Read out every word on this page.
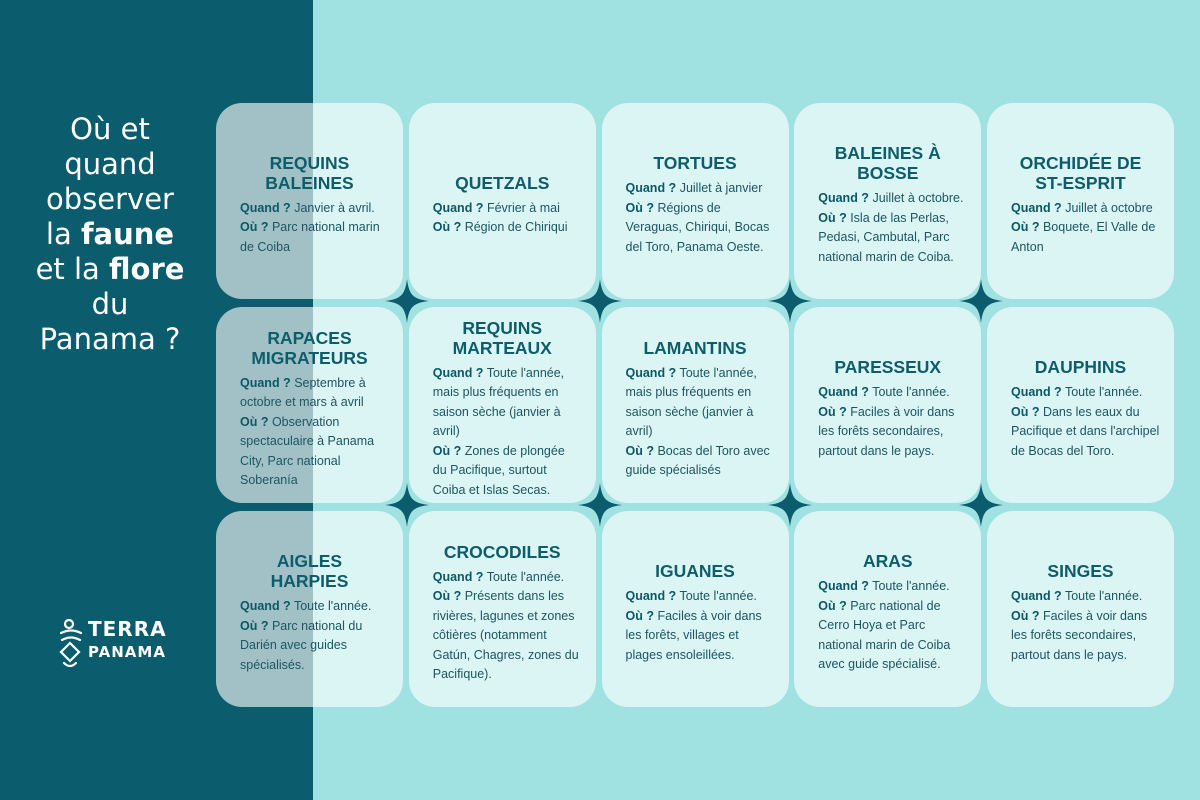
Où et
quand
observer
la faune
et la flore
du
Panama ?
TERRA
PANAMA
REQUINS BALEINES
Quand ? Janvier à avril.
Où ? Parc national marin de Coiba
QUETZALS
Quand ? Février à mai
Où ? Région de Chiriqui
TORTUES
Quand ? Juillet à janvier
Où ? Régions de Veraguas, Chiriqui, Bocas del Toro, Panama Oeste.
BALEINES À BOSSE
Quand ? Juillet à octobre.
Où ? Isla de las Perlas, Pedasi, Cambutal, Parc national marin de Coiba.
ORCHIDÉE DE ST-ESPRIT
Quand ? Juillet à octobre
Où ? Boquete, El Valle de Anton
RAPACES MIGRATEURS
Quand ? Septembre à octobre et mars à avril
Où ? Observation spectaculaire à Panama City, Parc national Soberanía
REQUINS MARTEAUX
Quand ? Toute l'année, mais plus fréquents en saison sèche (janvier à avril)
Où ? Zones de plongée du Pacifique, surtout Coiba et Islas Secas.
LAMANTINS
Quand ? Toute l'année, mais plus fréquents en saison sèche (janvier à avril)
Où ? Bocas del Toro avec guide spécialisés
PARESSEUX
Quand ? Toute l'année.
Où ? Faciles à voir dans les forêts secondaires, partout dans le pays.
DAUPHINS
Quand ? Toute l'année.
Où ? Dans les eaux du Pacifique et dans l'archipel de Bocas del Toro.
AIGLES HARPIES
Quand ? Toute l'année.
Où ? Parc national du Darién avec guides spécialisés.
CROCODILES
Quand ? Toute l'année.
Où ? Présents dans les rivières, lagunes et zones côtières (notamment Gatún, Chagres, zones du Pacifique).
IGUANES
Quand ? Toute l'année.
Où ? Faciles à voir dans les forêts, villages et plages ensoleillées.
ARAS
Quand ? Toute l'année.
Où ? Parc national de Cerro Hoya et Parc national marin de Coiba avec guide spécialisé.
SINGES
Quand ? Toute l'année.
Où ? Faciles à voir dans les forêts secondaires, partout dans le pays.
